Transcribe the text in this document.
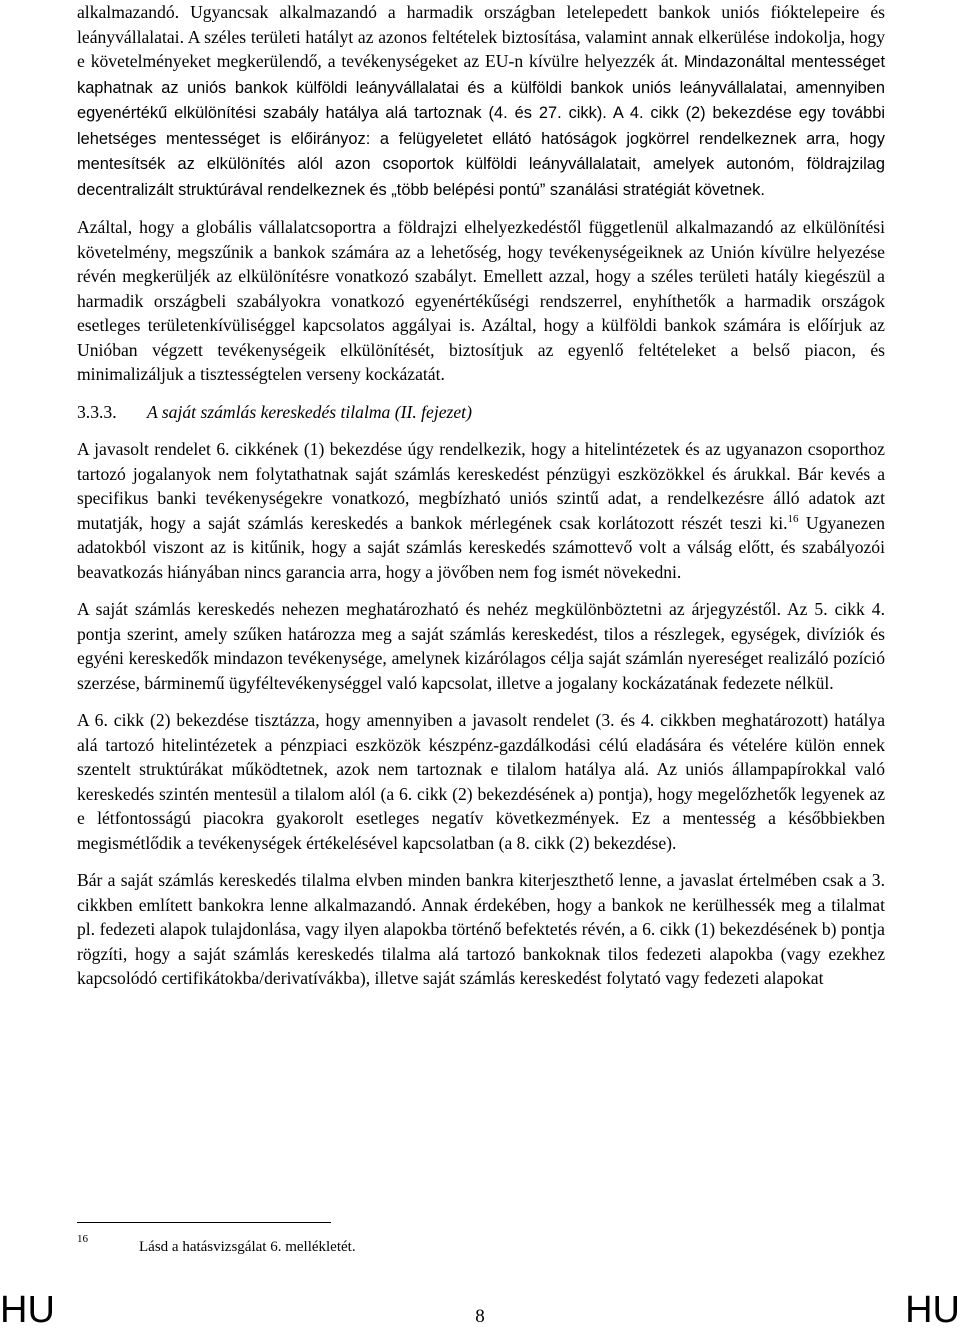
alkalmazandó. Ugyancsak alkalmazandó a harmadik országban letelepedett bankok uniós fióktelepeire és leányvállalatai. A széles területi hatályt az azonos feltételek biztosítása, valamint annak elkerülése indokolja, hogy e követelményeket megkerülendő, a tevékenységeket az EU-n kívülre helyezzék át. Mindazonáltal mentességet kaphatnak az uniós bankok külföldi leányvállalatai és a külföldi bankok uniós leányvállalatai, amennyiben egyenértékű elkülönítési szabály hatálya alá tartoznak (4. és 27. cikk). A 4. cikk (2) bekezdése egy további lehetséges mentességet is előirányoz: a felügyeletet ellátó hatóságok jogkörrel rendelkeznek arra, hogy mentesítsék az elkülönítés alól azon csoportok külföldi leányvállalatait, amelyek autonóm, földrajzilag decentralizált struktúrával rendelkeznek és „több belépési pontú” szanálási stratégiát követnek.

Azáltal, hogy a globális vállalatcsoportra a földrajzi elhelyezkedéstől függetlenül alkalmazandó az elkülönítési követelmény, megszűnik a bankok számára az a lehetőség, hogy tevékenységeiknek az Unión kívülre helyezése révén megkerüljék az elkülönítésre vonatkozó szabályt. Emellett azzal, hogy a széles területi hatály kiegészül a harmadik országbeli szabályokra vonatkozó egyenértékűségi rendszerrel, enyhíthetők a harmadik országok esetleges területenkívüliséggel kapcsolatos aggályai is. Azáltal, hogy a külföldi bankok számára is előírjuk az Unióban végzett tevékenységeik elkülönítését, biztosítjuk az egyenlő feltételeket a belső piacon, és minimalizáljuk a tisztességtelen verseny kockázatát.

3.3.3.	A saját számlás kereskedés tilalma (II. fejezet)

A javasolt rendelet 6. cikkének (1) bekezdése úgy rendelkezik, hogy a hitelintézetek és az ugyanazon csoporthoz tartozó jogalanyok nem folytathatnak saját számlás kereskedést pénzügyi eszközökkel és árukkal. Bár kevés a specifikus banki tevékenységekre vonatkozó, megbízható uniós szintű adat, a rendelkezésre álló adatok azt mutatják, hogy a saját számlás kereskedés a bankok mérlegének csak korlátozott részét teszi ki.$^{16}$ Ugyanezen adatokból viszont az is kitűnik, hogy a saját számlás kereskedés számottevő volt a válság előtt, és szabályozói beavatkozás hiányában nincs garancia arra, hogy a jövőben nem fog ismét növekedni.

A saját számlás kereskedés nehezen meghatározható és nehéz megkülönböztetni az árjegyzéstől. Az 5. cikk 4. pontja szerint, amely szűken határozza meg a saját számlás kereskedést, tilos a részlegek, egységek, divíziók és egyéni kereskedők mindazon tevékenysége, amelynek kizárólagos célja saját számlán nyereséget realizáló pozíció szerzése, bárminemű ügyféltevékenységgel való kapcsolat, illetve a jogalany kockázatának fedezete nélkül.

A 6. cikk (2) bekezdése tisztázza, hogy amennyiben a javasolt rendelet (3. és 4. cikkben meghatározott) hatálya alá tartozó hitelintézetek a pénzpiaci eszközök készpénz-gazdálkodási célú eladására és vételére külön ennek szentelt struktúrákat működtetnek, azok nem tartoznak e tilalom hatálya alá. Az uniós állampapírokkal való kereskedés szintén mentesül a tilalom alól (a 6. cikk (2) bekezdésének a) pontja), hogy megelőzhetők legyenek az e létfontosságú piacokra gyakorolt esetleges negatív következmények. Ez a mentesség a későbbiekben megismétlődik a tevékenységek értékelésével kapcsolatban (a 8. cikk (2) bekezdése).

Bár a saját számlás kereskedés tilalma elvben minden bankra kiterjeszthető lenne, a javaslat értelmében csak a 3. cikkben említett bankokra lenne alkalmazandó. Annak érdekében, hogy a bankok ne kerülhessék meg a tilalmat pl. fedezeti alapok tulajdonlása, vagy ilyen alapokba történő befektetés révén, a 6. cikk (1) bekezdésének b) pontja rögzíti, hogy a saját számlás kereskedés tilalma alá tartozó bankoknak tilos fedezeti alapokba (vagy ezekhez kapcsolódó certifikátokba/derivatívákba), illetve saját számlás kereskedést folytató vagy fedezeti alapokat

16	Lásd a hatásvizsgálat 6. mellékletét.
HU	8	HU
